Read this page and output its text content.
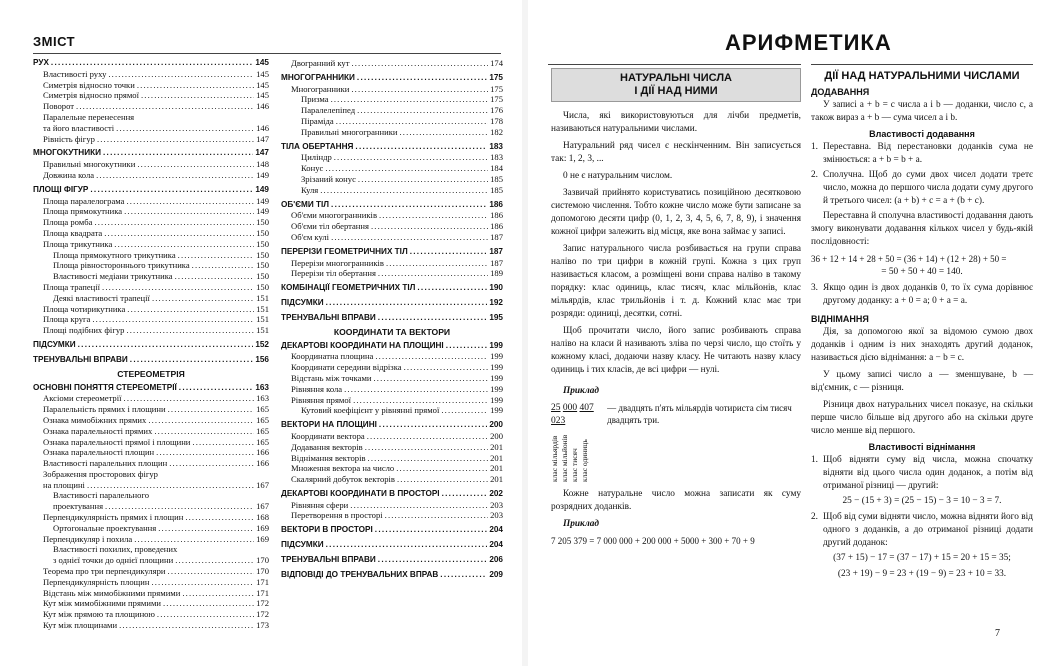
ЗМІСТ
РУХ . . .	145
Властивості руху . . .	145
Симетрія відносно точки . . .	145
Симетрія відносно прямої . . .	145
Поворот . . .	146
Паралельне перенесення
та його властивості . . .	146
Рівність фігур . . .	147
МНОГОКУТНИКИ . . .	147
Правильні многокутники . . .	148
Довжина кола . . .	149
ПЛОЩІ ФІГУР . . .	149
Площа паралелограма . . .	149
Площа прямокутника . . .	149
Площа ромба . . .	150
Площа квадрата . . .	150
Площа трикутника . . .	150
Площа прямокутного трикутника . . .	150
Площа рівностороннього трикутника . . .	150
Властивості медіани трикутника . . .	150
Площа трапеції . . .	150
Деякі властивості трапеції . . .	151
Площа чотирикутника . . .	151
Площа круга . . .	151
Площі подібних фігур . . .	151
ПІДСУМКИ . . .	152
ТРЕНУВАЛЬНІ ВПРАВИ . . .	156
СТЕРЕОМЕТРІЯ
ОСНОВНІ ПОНЯТТЯ СТЕРЕОМЕТРІЇ . . .	163
Аксіоми стереометрії . . .	163
Паралельність прямих і площини . . .	165
Ознака мимобіжних прямих . . .	165
Ознака паралельності прямих . . .	165
Ознака паралельності прямої і площини . . .	165
Ознака паралельності площин . . .	166
Властивості паралельних площин . . .	166
Зображення просторових фігур
на площині . . .	167
Властивості паралельного
проектування . . .	167
Перпендикулярність прямих і площин . . .	168
Ортогональне проектування . . .	169
Перпендикуляр і похила . . .	169
Властивості похилих, проведених
з однієї точки до однієї площини . . .	170
Теорема про три перпендикуляри . . .	170
Перпендикулярність площин . . .	171
Відстань між мимобіжними прямими . . .	171
Кут між мимобіжними прямими . . .	172
Кут між прямою та площиною . . .	172
Кут між площинами . . .	173
Двогранний кут . . .	174
МНОГОГРАННИКИ . . .	175
Многогранники . . .	175
Призма . . .	175
Паралелепіпед . . .	176
Піраміда . . .	178
Правильні многогранники . . .	182
ТІЛА ОБЕРТАННЯ . . .	183
Циліндр . . .	183
Конус . . .	184
Зрізаний конус . . .	185
Куля . . .	185
ОБ'ЄМИ ТІЛ . . .	186
Об'єми многогранників . . .	186
Об'єми тіл обертання . . .	186
Об'єм кулі . . .	187
ПЕРЕРІЗИ ГЕОМЕТРИЧНИХ ТІЛ . . .	187
Перерізи многогранників . . .	187
Перерізи тіл обертання . . .	189
КОМБІНАЦІЇ ГЕОМЕТРИЧНИХ ТІЛ . . .	190
ПІДСУМКИ . . .	192
ТРЕНУВАЛЬНІ ВПРАВИ . . .	195
КООРДИНАТИ ТА ВЕКТОРИ
ДЕКАРТОВІ КООРДИНАТИ НА ПЛОЩИНІ . . .	199
Координатна площина . . .	199
Координати середини відрізка . . .	199
Відстань між точками . . .	199
Рівняння кола . . .	199
Рівняння прямої . . .	199
Кутовий коефіцієнт у рівнянні прямої . . .	199
ВЕКТОРИ НА ПЛОЩИНІ . . .	200
Координати вектора . . .	200
Додавання векторів . . .	201
Віднімання векторів . . .	201
Множення вектора на число . . .	201
Скалярний добуток векторів . . .	201
ДЕКАРТОВІ КООРДИНАТИ В ПРОСТОРІ . . .	202
Рівняння сфери . . .	203
Перетворення в просторі . . .	203
ВЕКТОРИ В ПРОСТОРІ . . .	204
ПІДСУМКИ . . .	204
ТРЕНУВАЛЬНІ ВПРАВИ . . .	206
ВІДПОВІДІ ДО ТРЕНУВАЛЬНИХ ВПРАВ . . .	209
АРИФМЕТИКА
НАТУРАЛЬНІ ЧИСЛА
І ДІЇ НАД НИМИ

Числа, які використовуються для лічби предметів, називаються натуральними числами.

Натуральний ряд чисел є нескінченним. Він записується так: 1, 2, 3, ...

0 не є натуральним числом.

Зазвичай прийнято користуватись позиційною десятковою системою числення. Тобто кожне число може бути записане за допомогою десяти цифр (0, 1, 2, 3, 4, 5, 6, 7, 8, 9), і значення кожної цифри залежить від місця, яке вона займає у записі.

Запис натурального числа розбивається на групи справа наліво по три цифри в кожній групі. Кожна з цих груп називається класом, а розміщені вони справа наліво в такому порядку: клас одиниць, клас тисяч, клас мільйонів, клас мільярдів, клас трильйонів і т. д. Кожний клас має три розряди: одиниці, десятки, сотні.

Щоб прочитати число, його запис розбивають справа наліво на класи й називають зліва по черзі число, що стоїть у кожному класі, додаючи назву класу. Не читають назву класу одиниць і тих класів, де всі цифри — нулі.

Приклад
25 000 407 023
клас мільярдів клас мільйонів клас тисяч клас одиниць
— двадцять п'ять мільярдів чотириста сім тисяч двадцять три.

Кожне натуральне число можна записати як суму розрядних доданків.

Приклад
7 205 379 = 7 000 000 + 200 000 + 5000 + 300 + 70 + 9
ДІЇ НАД НАТУРАЛЬНИМИ ЧИСЛАМИ
ДОДАВАННЯ

У записі a + b = c числа a і b — доданки, число c, а також вираз a + b — сума чисел a і b.

Властивості додавання
1. Переставна. Від перестановки доданків сума не змінюється: a + b = b + a.
2. Сполучна. Щоб до суми двох чисел додати третє число, можна до першого числа додати суму другого й третього чисел: (a + b) + c = a + (b + c).

Переставна й сполучна властивості додавання дають змогу виконувати додавання кількох чисел у будь-якій послідовності:

36 + 12 + 14 + 28 + 50 = (36 + 14) + (12 + 28) + 50 =
= 50 + 50 + 40 = 140.
3. Якщо один із двох доданків 0, то їх сума дорівнює другому доданку: a + 0 = a; 0 + a = a.
ВІДНІМАННЯ

Дія, за допомогою якої за відомою сумою двох доданків і одним із них знаходять другий доданок, називається дією віднімання: a − b = c.

У цьому записі число a — зменшуване, b — від'ємник, c — різниця.

Різниця двох натуральних чисел показує, на скільки перше число більше від другого або на скільки друге число менше від першого.

Властивості віднімання
1. Щоб відняти суму від числа, можна спочатку відняти від цього числа один доданок, а потім від отриманої різниці — другий:
25 − (15 + 3) = (25 − 15) − 3 = 10 − 3 = 7.
2. Щоб від суми відняти число, можна відняти його від одного з доданків, а до отриманої різниці додати другий доданок:
(37 + 15) − 17 = (37 − 17) + 15 = 20 + 15 = 35;
(23 + 19) − 9 = 23 + (19 − 9) = 23 + 10 = 33.
7
